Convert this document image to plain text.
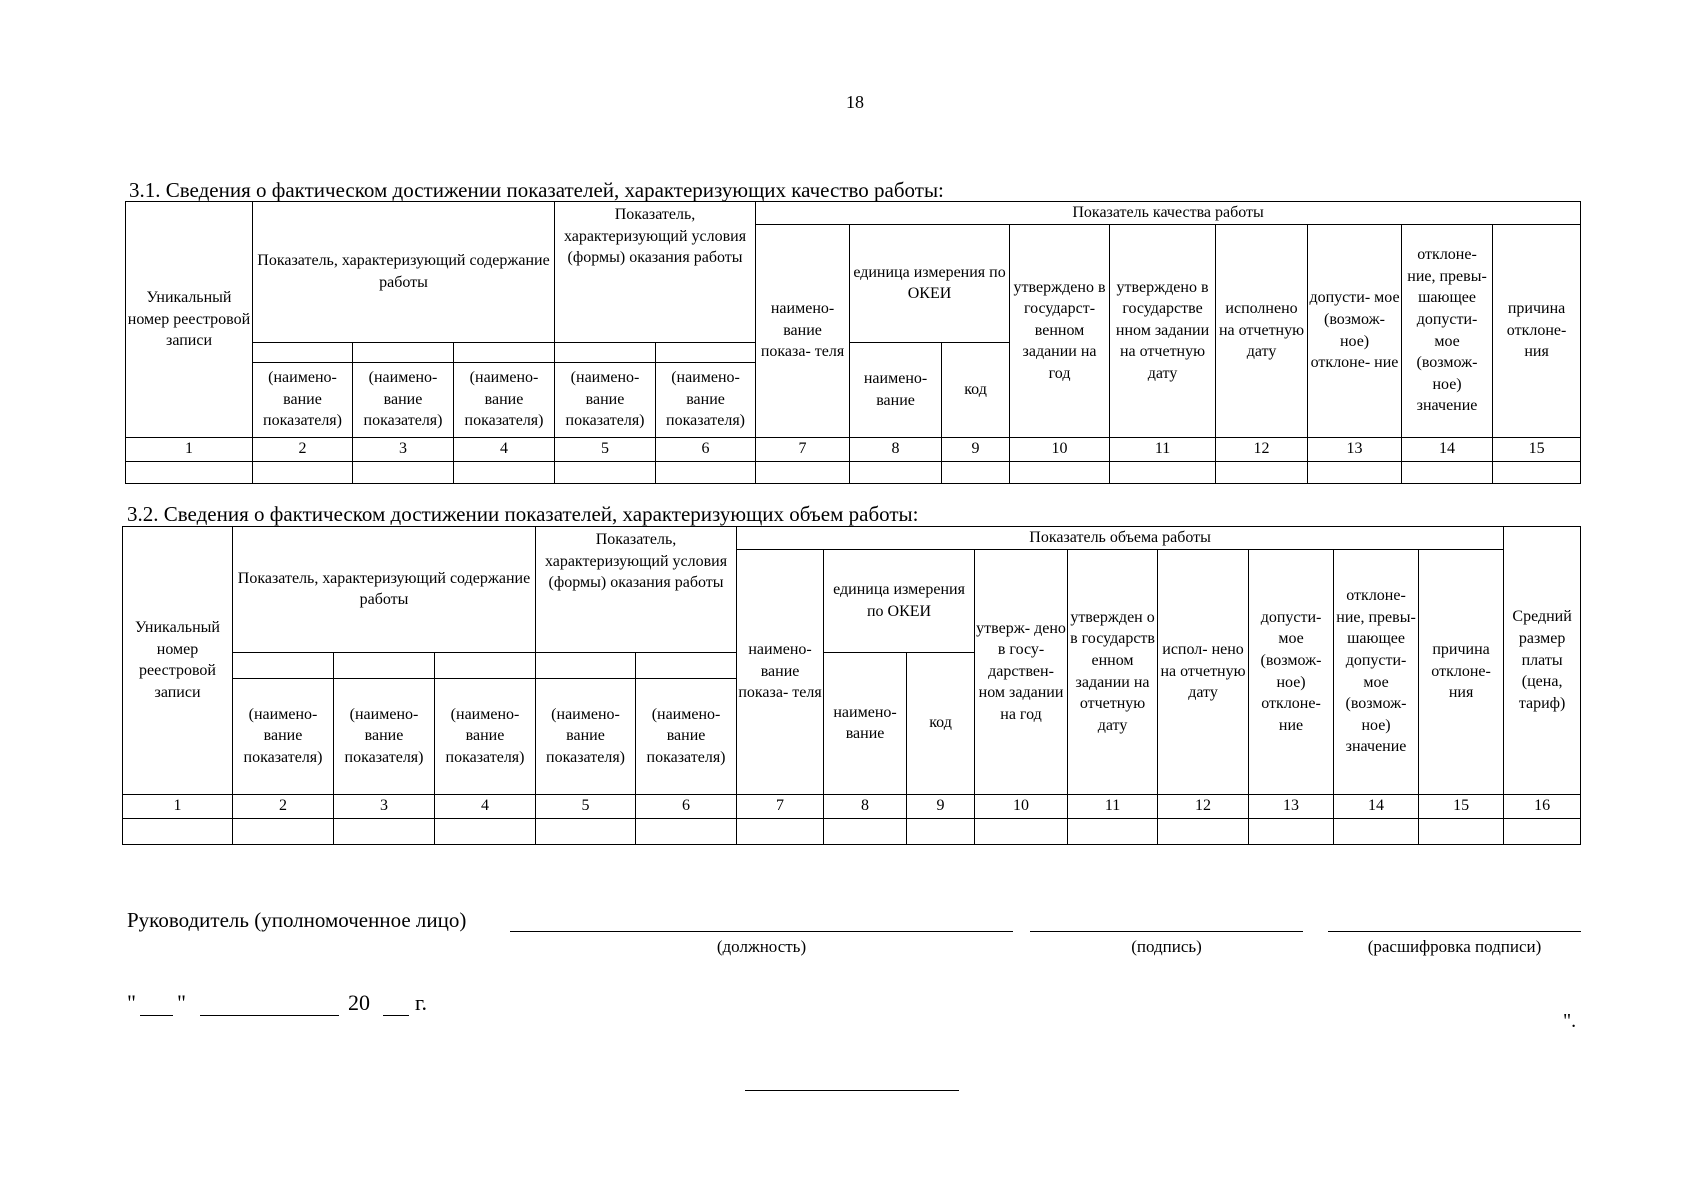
18
3.1. Сведения о фактическом достижении показателей, характеризующих качество работы:
Уникальный номер реестровой записи	Показатель, характеризующий содержание работы			Показатель, характеризующий условия (формы) оказания работы		Показатель качества работы								
						наимено- вание показа- теля	единица измерения по ОКЕИ		утверждено в государст- венном задании на год	утверждено в государстве нном задании на отчетную дату	исполнено на отчетную дату	допусти- мое (возмож- ное) отклоне- ние	отклоне- ние, превы- шающее допусти- мое (возмож- ное) значение	причина отклоне- ния
							наимено- вание	код						
	(наимено- вание показателя)	(наимено- вание показателя)	(наимено- вание показателя)	(наимено- вание показателя)	(наимено- вание показателя)									
1	2	3	4	5	6	7	8	9	10	11	12	13	14	15

3.2. Сведения о фактическом достижении показателей, характеризующих объем работы:
Уникальный номер реестровой записи	Показатель, характеризующий содержание работы			Показатель, характеризующий условия (формы) оказания работы		Показатель объема работы									Средний размер платы (цена, тариф)
						наимено- вание показа- теля	единица измерения по ОКЕИ		утверж- дено в госу- дарствен- ном задании на год	утвержден о в государств енном задании на отчетную дату	испол- нено на отчетную дату	допусти- мое (возмож- ное) отклоне- ние	отклоне- ние, превы- шающее допусти- мое (возмож- ное) значение	причина отклоне- ния	
							наимено- вание	код							
	(наимено- вание показателя)	(наимено- вание показателя)	(наимено- вание показателя)	(наимено- вание показателя)	(наимено- вание показателя)										
1	2	3	4	5	6	7	8	9	10	11	12	13	14	15	16

Руководитель (уполномоченное лицо)
(должность)	(подпись)	(расшифровка подписи)
" "	20 г.
".
